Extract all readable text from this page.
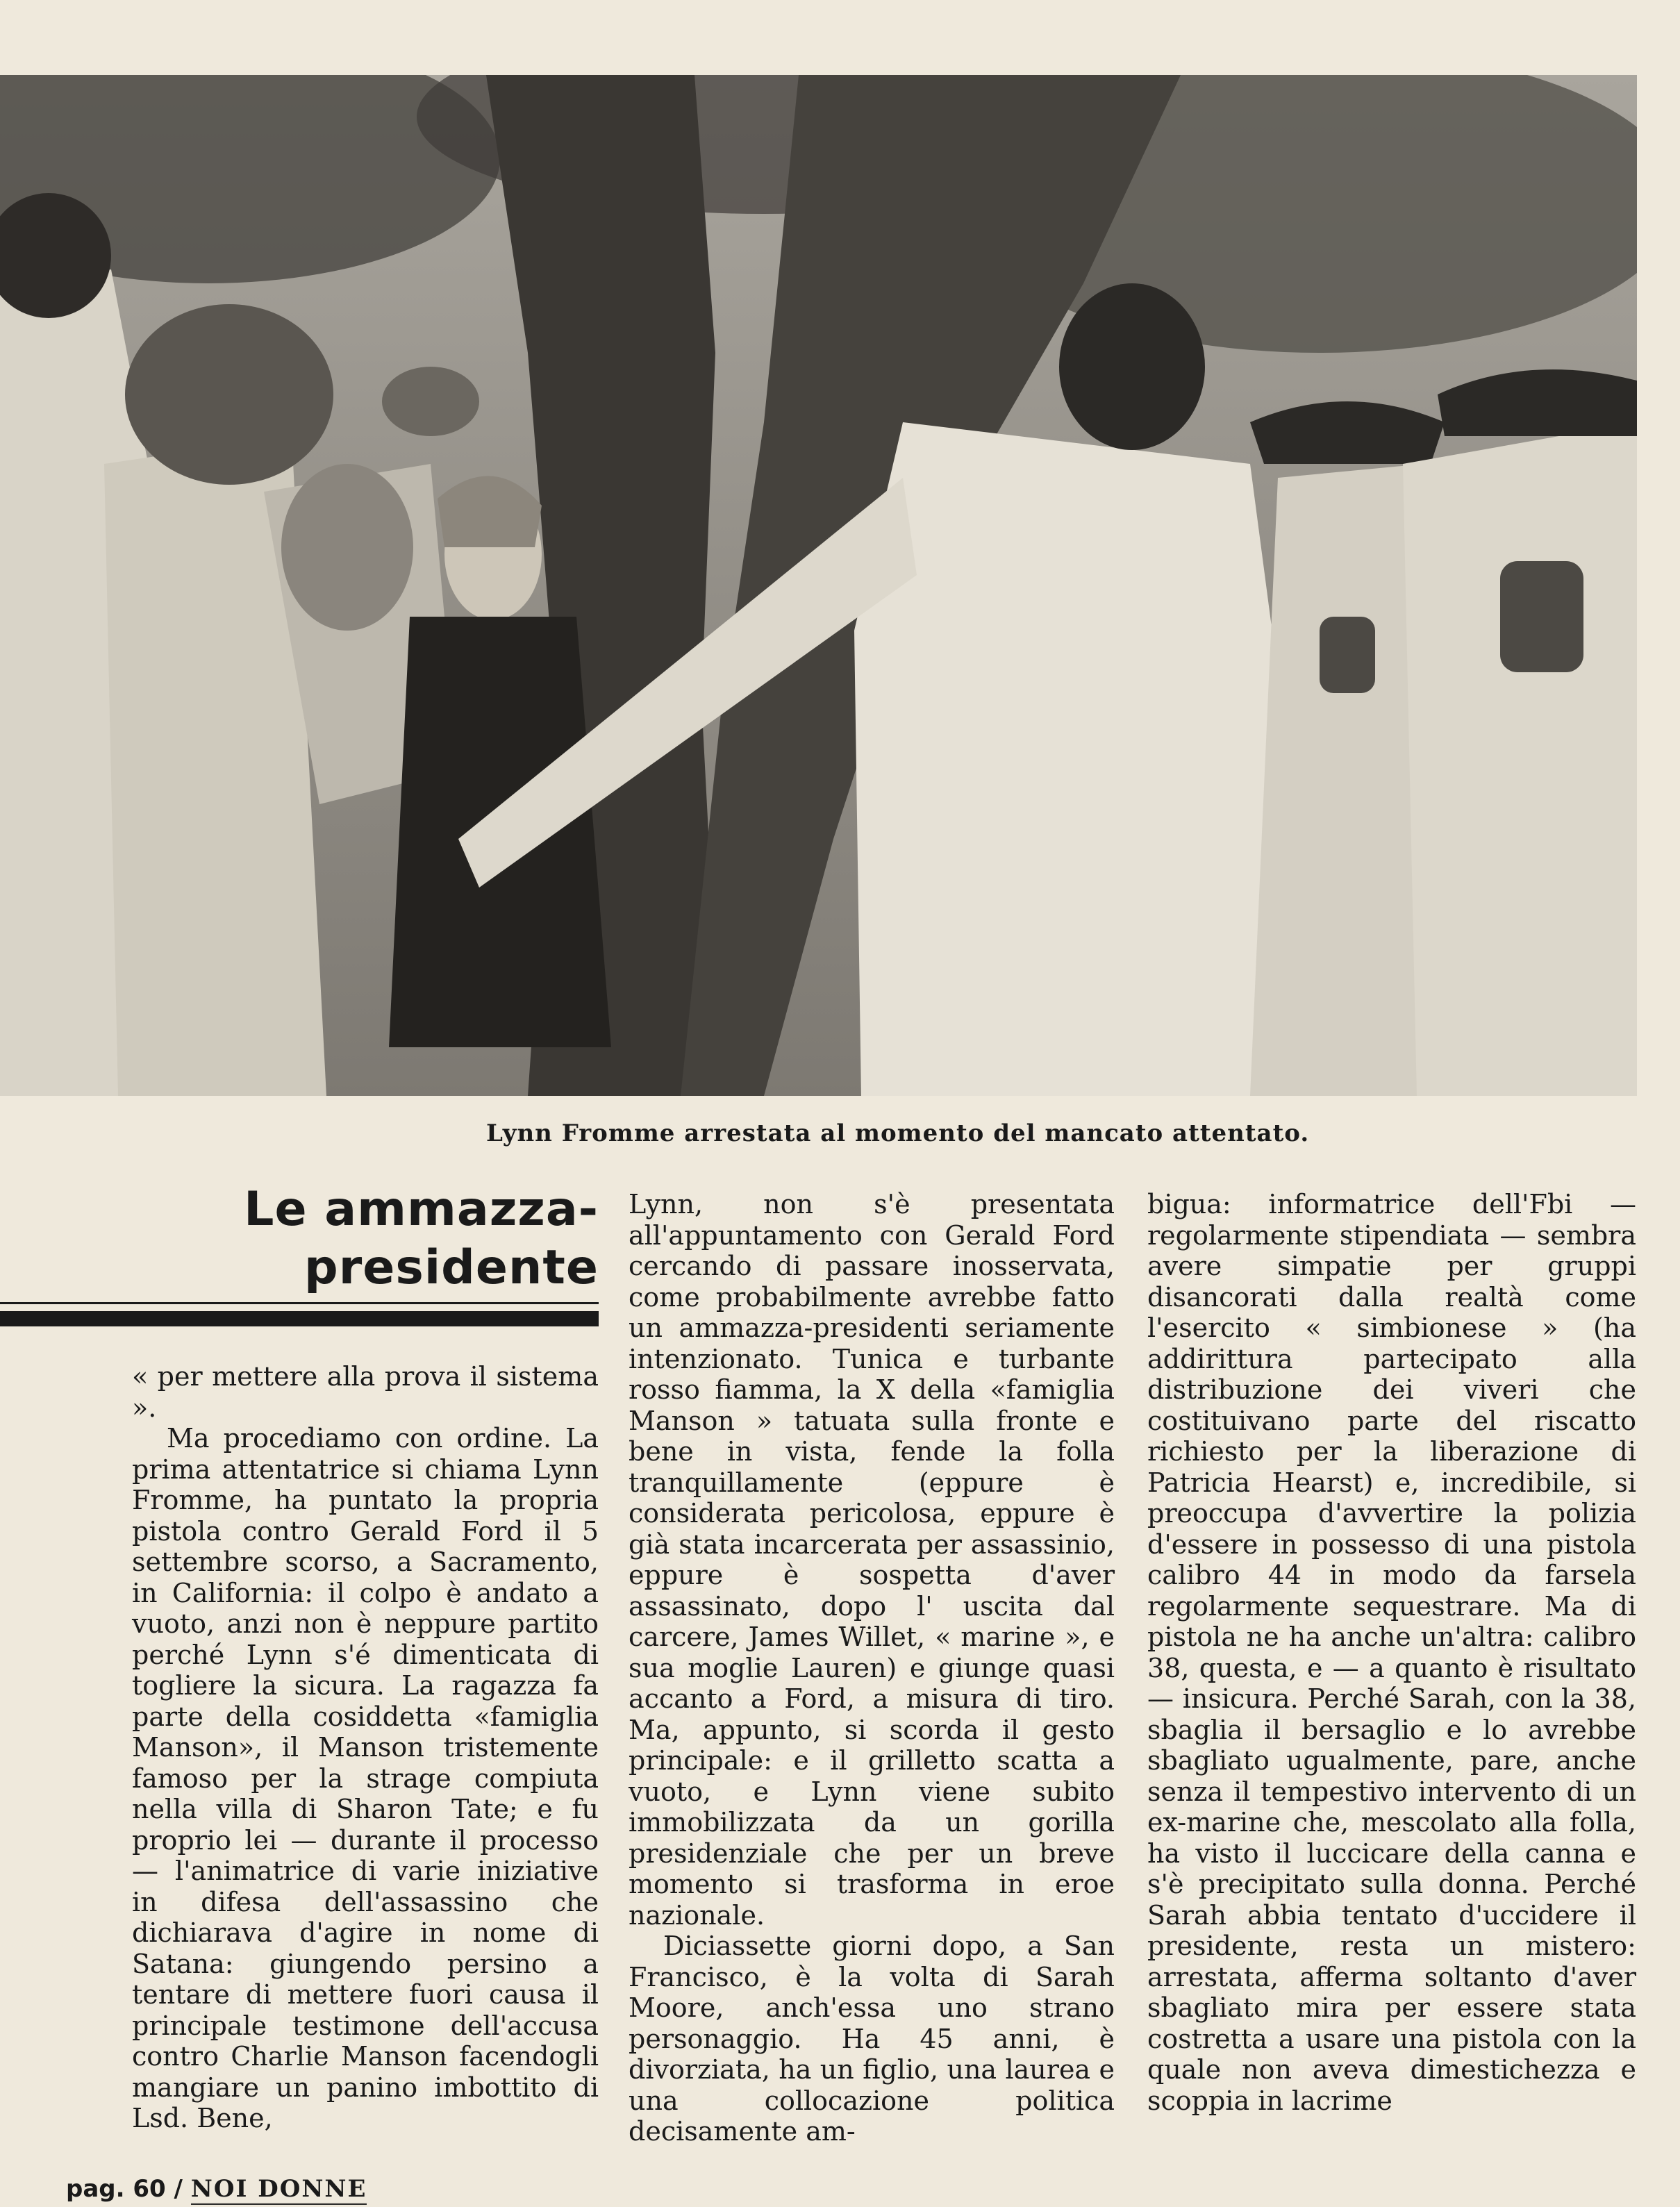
Lynn Fromme arrestata al momento del mancato attentato.
Le ammazza-
presidente

« per mettere alla prova il sistema ».

Ma procediamo con ordine. La prima attentatrice si chiama Lynn Fromme, ha puntato la propria pistola contro Gerald Ford il 5 settembre scorso, a Sacramento, in California: il colpo è andato a vuoto, anzi non è neppure partito perché Lynn s'é dimenticata di togliere la sicura. La ragazza fa parte della cosiddetta «famiglia Manson», il Manson tristemente famoso per la strage compiuta nella villa di Sharon Tate; e fu proprio lei — durante il processo — l'animatrice di varie iniziative in difesa dell'assassino che dichiarava d'agire in nome di Satana: giungendo persino a tentare di mettere fuori causa il principale testimone dell'accusa contro Charlie Manson facendogli mangiare un panino imbottito di Lsd. Bene,

Lynn, non s'è presentata all'appuntamento con Gerald Ford cercando di passare inosservata, come probabilmente avrebbe fatto un ammazza-presidenti seriamente intenzionato. Tunica e turbante rosso fiamma, la X della «famiglia Manson » tatuata sulla fronte e bene in vista, fende la folla tranquillamente (eppure è considerata pericolosa, eppure è già stata incarcerata per assassinio, eppure è sospetta d'aver assassinato, dopo l' uscita dal carcere, James Willet, « marine », e sua moglie Lauren) e giunge quasi accanto a Ford, a misura di tiro. Ma, appunto, si scorda il gesto principale: e il grilletto scatta a vuoto, e Lynn viene subito immobilizzata da un gorilla presidenziale che per un breve momento si trasforma in eroe nazionale.

Diciassette giorni dopo, a San Francisco, è la volta di Sarah Moore, anch'essa uno strano personaggio. Ha 45 anni, è divorziata, ha un figlio, una laurea e una collocazione politica decisamente am-

bigua: informatrice dell'Fbi — regolarmente stipendiata — sembra avere simpatie per gruppi disancorati dalla realtà come l'esercito « simbionese » (ha addirittura partecipato alla distribuzione dei viveri che costituivano parte del riscatto richiesto per la liberazione di Patricia Hearst) e, incredibile, si preoccupa d'avvertire la polizia d'essere in possesso di una pistola calibro 44 in modo da farsela regolarmente sequestrare. Ma di pistola ne ha anche un'altra: calibro 38, questa, e — a quanto è risultato — insicura. Perché Sarah, con la 38, sbaglia il bersaglio e lo avrebbe sbagliato ugualmente, pare, anche senza il tempestivo intervento di un ex-marine che, mescolato alla folla, ha visto il luccicare della canna e s'è precipitato sulla donna. Perché Sarah abbia tentato d'uccidere il presidente, resta un mistero: arrestata, afferma soltanto d'aver sbagliato mira per essere stata costretta a usare una pistola con la quale non aveva dimestichezza e scoppia in lacrime

pag. 60 / NOI DONNE
